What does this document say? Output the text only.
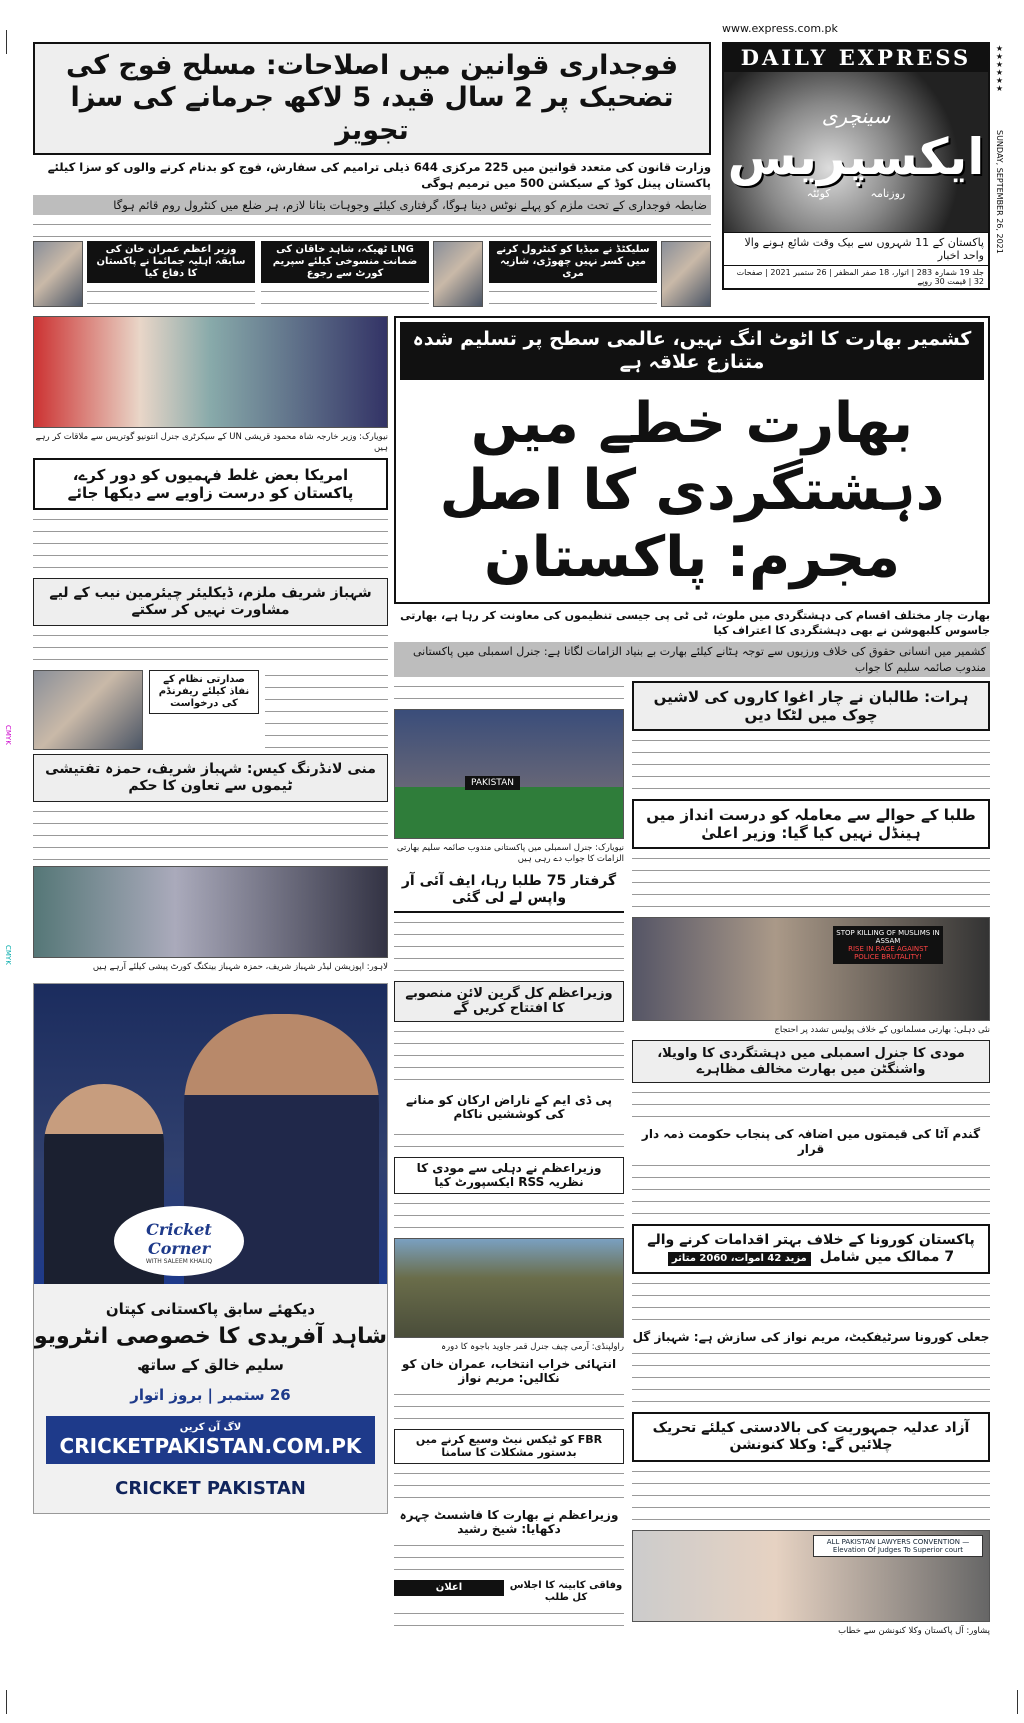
CMYK
CMYK
★★★★★★
SUNDAY, SEPTEMBER 26, 2021
فوجداری قوانین میں اصلاحات: مسلح فوج کی تضحیک پر 2 سال قید، 5 لاکھ جرمانے کی سزا تجویز
وزارت قانون کی متعدد قوانین میں 225 مرکزی 644 ذیلی ترامیم کی سفارش، فوج کو بدنام کرنے والوں کو سزا کیلئے پاکستان پینل کوڈ کے سیکشن 500 میں ترمیم ہوگی
ضابطہ فوجداری کے تحت ملزم کو پہلے نوٹس دینا ہوگا، گرفتاری کیلئے وجوہات بتانا لازم، ہر ضلع میں کنٹرول روم قائم ہوگا
سلیکٹڈ نے میڈیا کو کنٹرول کرنے میں کسر نہیں چھوڑی، شازیہ مری
LNG ٹھیکہ، شاہد خاقان کی ضمانت منسوخی کیلئے سپریم کورٹ سے رجوع
وزیر اعظم عمران خان کی سابقہ اہلیہ جمائما نے پاکستان کا دفاع کیا
www.express.com.pk
DAILY EXPRESS
سینچری
ایکسپریس
کوئٹہ	روزنامہ
پاکستان کے 11 شہروں سے بیک وقت شائع ہونے والا واحد اخبار
جلد 19 شمارہ 283 | اتوار، 18 صفر المظفر | 26 ستمبر 2021 | صفحات 32 | قیمت 30 روپے
نیویارک: وزیر خارجہ شاہ محمود قریشی UN کے سیکرٹری جنرل انتونیو گوتریس سے ملاقات کر رہے ہیں
امریکا بعض غلط فہمیوں کو دور کرے، پاکستان کو درست زاویے سے دیکھا جائے
شہباز شریف ملزم، ڈیکلیئر چیئرمین نیب کے لیے مشاورت نہیں کر سکتے
صدارتی نظام کے نفاذ کیلئے ریفرنڈم کی درخواست
منی لانڈرنگ کیس: شہباز شریف، حمزہ تفتیشی ٹیموں سے تعاون کا حکم
لاہور: اپوزیشن لیڈر شہباز شریف، حمزہ شہباز بینکنگ کورٹ پیشی کیلئے آرہے ہیں
Cricket Corner
WITH SALEEM KHALIQ
دیکھئے سابق پاکستانی کپتان
شاہد آفریدی کا خصوصی انٹرویو
سلیم خالق کے ساتھ
26 ستمبر | بروز اتوار
لاگ آن کریں
CRICKETPAKISTAN.COM.PK
CRICKET PAKISTAN
کشمیر بھارت کا اٹوٹ انگ نہیں، عالمی سطح پر تسلیم شدہ متنازع علاقہ ہے
بھارت خطے میں دہشتگردی کا اصل مجرم: پاکستان
بھارت چار مختلف اقسام کی دہشتگردی میں ملوث، ٹی ٹی پی جیسی تنظیموں کی معاونت کر رہا ہے، بھارتی جاسوس کلبھوشن نے بھی دہشتگردی کا اعتراف کیا
کشمیر میں انسانی حقوق کی خلاف ورزیوں سے توجہ ہٹانے کیلئے بھارت بے بنیاد الزامات لگاتا ہے: جنرل اسمبلی میں پاکستانی مندوب صائمہ سلیم کا جواب
PAKISTAN
نیویارک: جنرل اسمبلی میں پاکستانی مندوب صائمہ سلیم بھارتی الزامات کا جواب دے رہی ہیں
گرفتار 75 طلبا رہا، ایف آئی آر واپس لے لی گئی
وزیراعظم کل گرین لائن منصوبے کا افتتاح کریں گے
پی ڈی ایم کے ناراض ارکان کو منانے کی کوششیں ناکام
وزیراعظم نے دہلی سے مودی کا نظریہ RSS ایکسپورٹ کیا
راولپنڈی: آرمی چیف جنرل قمر جاوید باجوہ کا دورہ
انتہائی خراب انتخاب، عمران خان کو نکالیں: مریم نواز
FBR کو ٹیکس نیٹ وسیع کرنے میں بدستور مشکلات کا سامنا
وزیراعظم نے بھارت کا فاشسٹ چہرہ دکھایا: شیخ رشید
اعلان	وفاقی کابینہ کا اجلاس کل طلب
ہرات: طالبان نے چار اغوا کاروں کی لاشیں چوک میں لٹکا دیں
طلبا کے حوالے سے معاملہ کو درست انداز میں ہینڈل نہیں کیا گیا: وزیر اعلیٰ
STOP KILLING OF MUSLIMS IN ASSAM
RISE IN RAGE AGAINST POLICE BRUTALITY!
نئی دہلی: بھارتی مسلمانوں کے خلاف پولیس تشدد پر احتجاج
مودی کا جنرل اسمبلی میں دہشتگردی کا واویلا، واشنگٹن میں بھارت مخالف مظاہرے
گندم آٹا کی قیمتوں میں اضافہ کی پنجاب حکومت ذمہ دار قرار
پاکستان کورونا کے خلاف بہتر اقدامات کرنے والے 7 ممالک میں شامل مزید 42 اموات، 2060 متاثر
جعلی کورونا سرٹیفکیٹ، مریم نواز کی سازش ہے: شہباز گل
آزاد عدلیہ جمہوریت کی بالادستی کیلئے تحریک چلائیں گے: وکلا کنونشن
ALL PAKISTAN LAWYERS CONVENTION — Elevation Of Judges To Superior court
پشاور: آل پاکستان وکلا کنونشن سے خطاب
